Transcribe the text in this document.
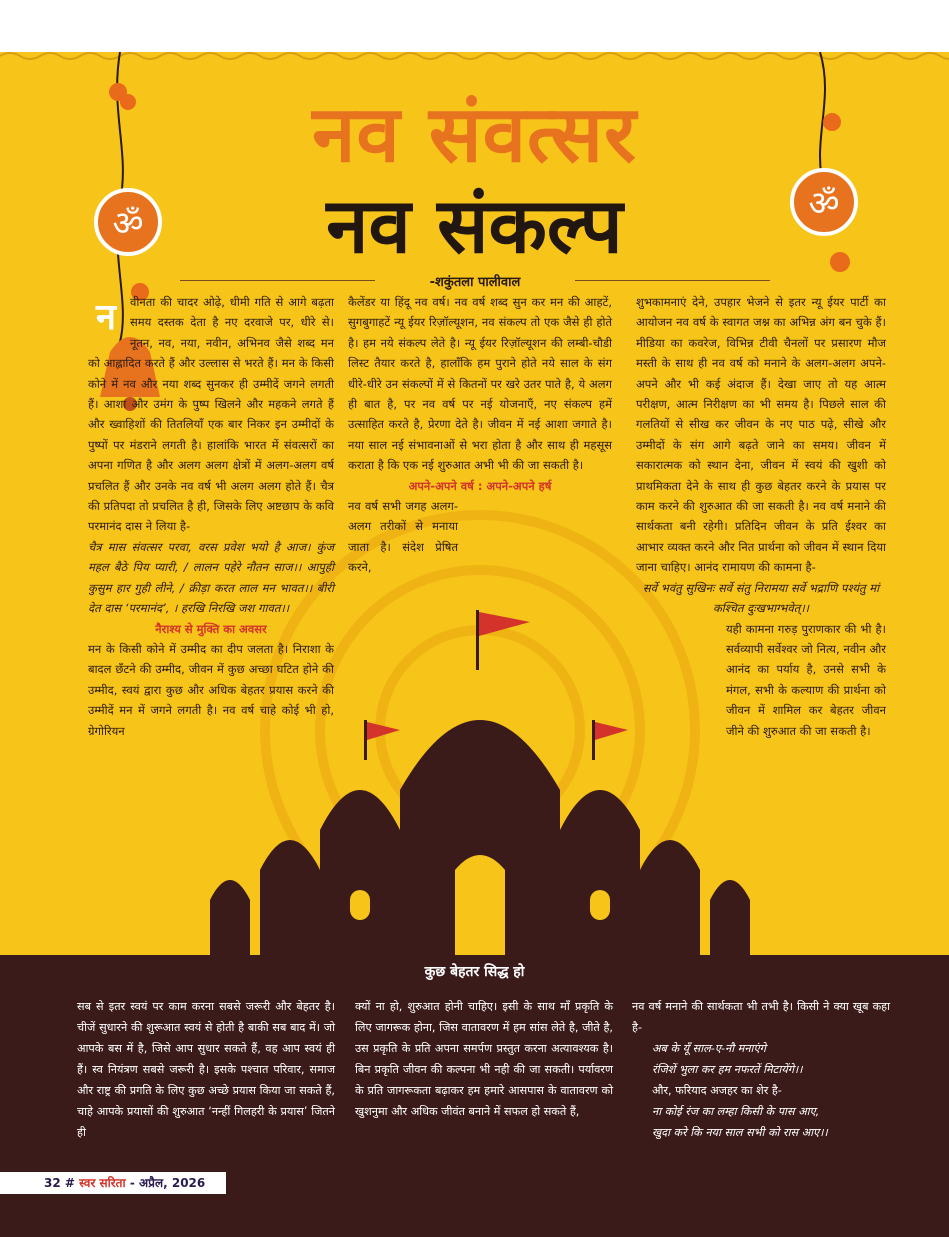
ॐ	ॐ
नव संवत्सर
नव संकल्प
-शकुंतला पालीवाल

न	वीनता की चादर ओढ़े, धीमी गति से आगे बढ़ता समय दस्तक देता है नए दरवाजे पर, धीरे से। नूतन, नव, नया, नवीन, अभिनव जैसे शब्द मन को आह्लादित करते हैं और उल्लास से भरते हैं। मन के किसी कोने में नव और नया शब्द सुनकर ही उम्मीदें जगने लगती हैं। आशा और उमंग के पुष्प खिलने और महकने लगते हैं और ख्वाहिशों की तितलियाँ एक बार निकर इन उम्मीदों के पुष्पों पर मंडराने लगती है। हालांकि भारत में संवत्सरों का अपना गणित है और अलग अलग क्षेत्रों में अलग-अलग वर्ष प्रचलित हैं और उनके नव वर्ष भी अलग अलग होते हैं। चैत्र की प्रतिपदा तो प्रचलित है ही, जिसके लिए अष्टछाप के कवि परमानंद दास ने लिया है-

चैत्र मास संवत्सर परवा, वरस प्रवेश भयो है आज। कुंज महल बैठे पिय प्यारी, / लालन पहेरे नौतन साज।। आपुही कुसुम हार गुही लीने, / क्रीड़ा करत लाल मन भावत।। बीरी देत दास ‘परमानंद’, । हरखि निरखि जश गावत।।

नैराश्य से मुक्ति का अवसर

मन के किसी कोने में उम्मीद का दीप जलता है। निराशा के बादल छँटने की उम्मीद, जीवन में कुछ अच्छा घटित होने की उम्मीद, स्वयं द्वारा कुछ और अधिक बेहतर प्रयास करने की उम्मीदें मन में जगने लगती है। नव वर्ष चाहे कोई भी हो, ग्रेगोरियन

कैलेंडर या हिंदू नव वर्ष। नव वर्ष शब्द सुन कर मन की आहटें, सुगबुगाहटें न्यू ईयर रिज़ॉल्यूशन, नव संकल्प तो एक जैसे ही होते है। हम नये संकल्प लेते है। न्यू ईयर रिज़ॉल्यूशन की लम्बी-चौडी लिस्ट तैयार करते है, हालाँकि हम पुराने होते नये साल के संग धीरे-धीरे उन संकल्पों में से कितनों पर खरे उतर पाते है, ये अलग ही बात है, पर नव वर्ष पर नई योजनाएँ, नए संकल्प हमें उत्साहित करते है, प्रेरणा देते है। जीवन में नई आशा जगाते है। नया साल नई संभावनाओं से भरा होता है और साथ ही महसूस कराता है कि एक नई शुरुआत अभी भी की जा सकती है।

अपने-अपने वर्ष : अपने-अपने हर्ष

नव वर्ष सभी जगह अलग-अलग तरीकों से मनाया जाता है। संदेश प्रेषित करने,

शुभकामनाएं देने, उपहार भेजने से इतर न्यू ईयर पार्टी का आयोजन नव वर्ष के स्वागत जश्न का अभिन्न अंग बन चुके हैं। मीडिया का कवरेज, विभिन्न टीवी चैनलों पर प्रसारण मौज मस्ती के साथ ही नव वर्ष को मनाने के अलग-अलग अपने-अपने और भी कई अंदाज हैं। देखा जाए तो यह आत्म परीक्षण, आत्म निरीक्षण का भी समय है। पिछले साल की गलतियों से सीख कर जीवन के नए पाठ पढ़े, सीखे और उम्मीदों के संग आगे बढ़ते जाने का समय। जीवन में सकारात्मक को स्थान देना, जीवन में स्वयं की खुशी को प्राथमिकता देने के साथ ही कुछ बेहतर करने के प्रयास पर काम करने की शुरुआत की जा सकती है। नव वर्ष मनाने की सार्थकता बनी रहेगी। प्रतिदिन जीवन के प्रति ईश्वर का आभार व्यक्त करने और नित प्रार्थना को जीवन में स्थान दिया जाना चाहिए। आनंद रामायण की कामना है-

सर्वे भवंतु सुखिनः सर्वे संतु निरामया सर्वे भद्राणि पश्यंतु मां कश्चित दुःखभाग्भवेत्।।

यही कामना गरुड़ पुराणकार की भी है। सर्वव्यापी सर्वेश्वर जो नित्य, नवीन और आनंद का पर्याय है, उनसे सभी के मंगल, सभी के कल्याण की प्रार्थना को जीवन में शामिल कर बेहतर जीवन जीने की शुरुआत की जा सकती है।

कुछ बेहतर सिद्ध हो

सब से इतर स्वयं पर काम करना सबसे जरूरी और बेहतर है। चीजें सुधारने की शुरूआत स्वयं से होती है बाकी सब बाद में। जो आपके बस में है, जिसे आप सुधार सकते हैं, वह आप स्वयं ही हैं। स्व नियंत्रण सबसे जरूरी है। इसके पश्चात परिवार, समाज और राष्ट्र की प्रगति के लिए कुछ अच्छे प्रयास किया जा सकते हैं, चाहे आपके प्रयासों की शुरुआत ‘नन्हीं गिलहरी के प्रयास’ जितने ही

क्यों ना हो, शुरुआत होनी चाहिए। इसी के साथ माँ प्रकृति के लिए जागरूक होना, जिस वातावरण में हम सांस लेते है, जीते है, उस प्रकृति के प्रति अपना समर्पण प्रस्तुत करना अत्यावश्यक है। बिन प्रकृति जीवन की कल्पना भी नही की जा सकती। पर्यावरण के प्रति जागरूकता बढ़ाकर हम हमारे आसपास के वातावरण को खुशनुमा और अधिक जीवंत बनाने में सफल हो सकते हैं,

नव वर्ष मनाने की सार्थकता भी तभी है। किसी ने क्या खूब कहा है-

अब के यूँ साल-ए-नौ मनाएंगे

रंजिशें भुला कर हम नफरतें मिटायेंगे।।

और, फरियाद अजहर का शेर है-

ना कोई रंज का लम्हा किसी के पास आए,

खुदा करे कि नया साल सभी को रास आए।।

32 # स्वर सरिता - अप्रैल, 2026
